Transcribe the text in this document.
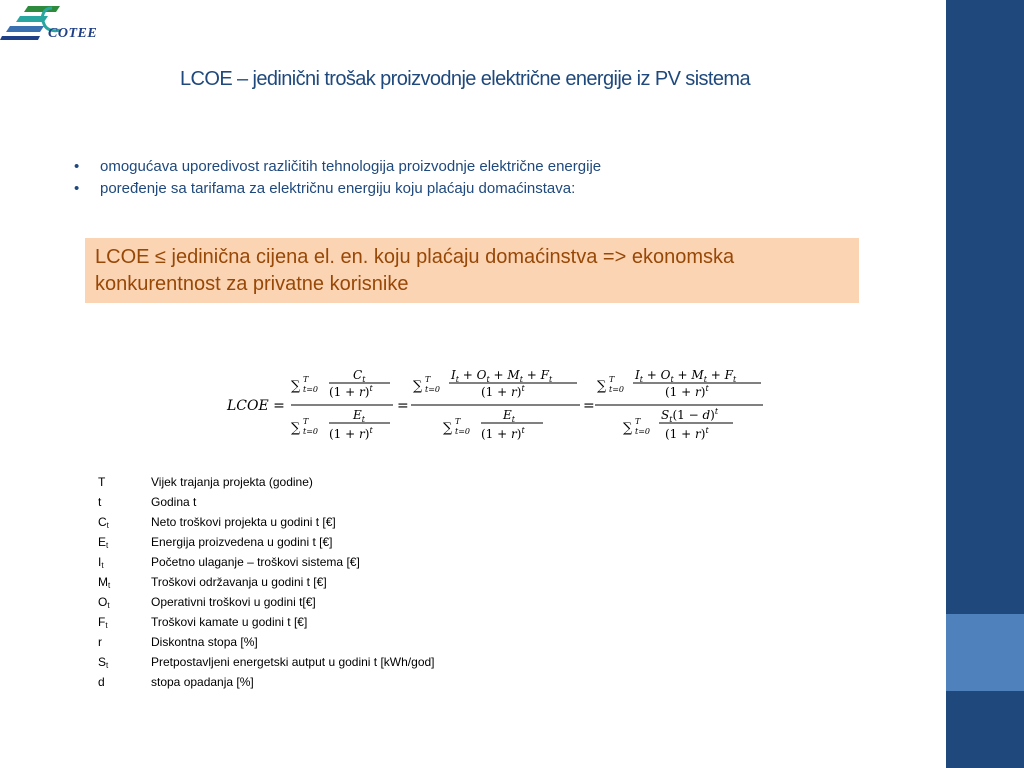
COTEE
LCOE – jedinični trošak proizvodnje električne energije iz PV sistema
• omogućava uporedivost različitih tehnologija proizvodnje električne energije
• poređenje sa tarifama za električnu energiju koju plaćaju domaćinstava:
LCOE ≤ jedinična cijena el. en. koju plaćaju domaćinstva => ekonomska
konkurentnost za privatne korisnike
LCOE =
∑ T
t=0
$C_t$
$(1 + r)^t$
∑ T
t=0
$E_t$
$(1 + r)^t$
=
∑ T
t=0
$I_t + O_t + M_t + F_t$
$(1 + r)^t$
∑ T
t=0
$E_t$
$(1 + r)^t$
=
∑ T
t=0
$I_t + O_t + M_t + F_t$
$(1 + r)^t$
∑ T
t=0
$S_t(1 - d)^t$
$(1 + r)^t$
T	Vijek trajanja projekta (godine)
t	Godina t
$C_t$	Neto troškovi projekta u godini t [€]
$E_t$	Energija proizvedena u godini t [€]
$I_t$	Početno ulaganje – troškovi sistema [€]
$M_t$	Troškovi održavanja u godini t [€]
$O_t$	Operativni troškovi u godini t[€]
$F_t$	Troškovi kamate u godini t [€]
r	Diskontna stopa [%]
$S_t$	Pretpostavljeni energetski autput u godini t [kWh/god]
d	stopa opadanja [%]
